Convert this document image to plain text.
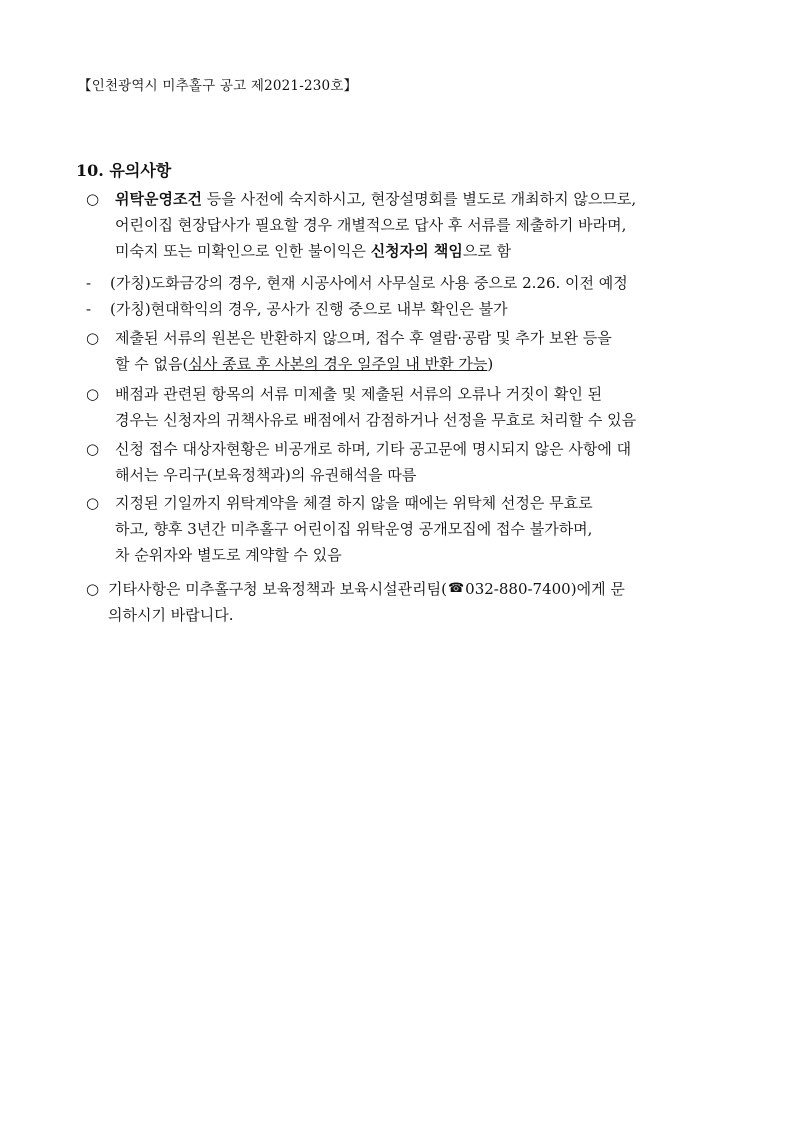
【인천광역시 미추홀구 공고 제2021-230호】
10. 유의사항
○	위탁운영조건 등을 사전에 숙지하시고, 현장설명회를 별도로 개최하지 않으므로,
어린이집 현장답사가 필요할 경우 개별적으로 답사 후 서류를 제출하기 바라며,
미숙지 또는 미확인으로 인한 불이익은 신청자의 책임 으로 함
-	(가칭)도화금강의 경우, 현재 시공사에서 사무실로 사용 중으로 2.26. 이전 예정
-	(가칭)현대학익의 경우, 공사가 진행 중으로 내부 확인은 불가
○	제출된 서류의 원본은 반환하지 않으며, 접수 후 열람·공람 및 추가 보완 등을
할 수 없음( 심사 종료 후 사본의 경우 일주일 내 반환 가능 )
○	배점과 관련된 항목의 서류 미제출 및 제출된 서류의 오류나 거짓이 확인 된
경우는 신청자의 귀책사유로 배점에서 감점하거나 선정을 무효로 처리할 수 있음
○	신청 접수 대상자현황은 비공개로 하며, 기타 공고문에 명시되지 않은 사항에 대
해서는 우리구(보육정책과)의 유권해석을 따름
○	지정된 기일까지 위탁계약을 체결 하지 않을 때에는 위탁체 선정은 무효로
하고, 향후 3년간 미추홀구 어린이집 위탁운영 공개모집에 접수 불가하며,
차 순위자와 별도로 계약할 수 있음
○ 기타사항은 미추홀구청 보육정책과 보육시설관리팀( ☎ 032-880-7400 )에게 문
의하시기 바랍니다.
